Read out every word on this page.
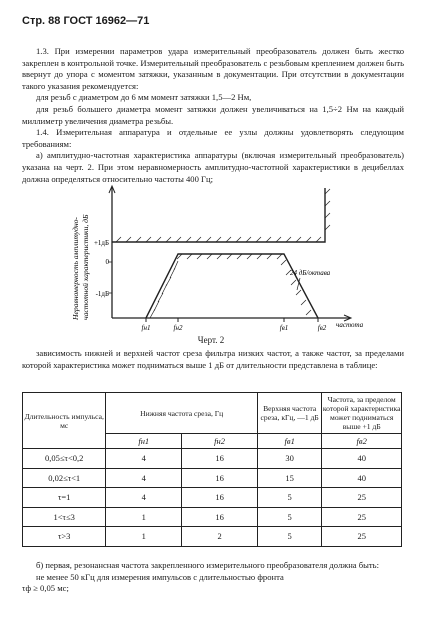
Стр. 88 ГОСТ 16962—71

1.3. При измерении параметров удара измерительный преобразователь должен быть жестко закреплен в контрольной точке. Измерительный преобразователь с резьбовым креплением должен быть ввернут до упора с моментом затяжки, указанным в документации. При отсутствии в документации такого указания рекомендуется:

для резьб с диаметром до 6 мм момент затяжки 1,5—2 Нм,

для резьб большего диаметра момент затяжки должен увеличиваться на 1,5÷2 Нм на каждый миллиметр увеличения диаметра резьбы.

1.4. Измерительная аппаратура и отдельные ее узлы должны удовлетворять следующим требованиям:

а) амплитудно-частотная характеристика аппаратуры (включая измерительный преобразователь) указана на черт. 2. При этом неравномерность амплитудно-частотной характеристики в децибеллах должна определяться относительно частоты 400 Гц;

Неравномерность амплитудно- частотной характеристики, дБ +1дБ
0
-1дБ
24 дБ/октава
fн1	fн2	fв1	fв2 частота
Черт. 2

зависимость нижней и верхней частот среза фильтра низких частот, а также частот, за пределами которой характеристика может подниматься выше 1 дБ от длительности представлена в таблице:

Длительность импульса, мс	Нижняя частота среза, Гц		Верхняя частота среза, кГц, —1 дБ	Частота, за пределом которой характеристика может подниматься выше +1 дБ
	fн1	fн2	fв1	fв2
0,05≤τ<0,2	4	16	30	40
0,02≤τ<1	4	16	15	40
τ=1	4	16	5	25
1<τ≤3	1	16	5	25
τ>3	1	2	5	25

б) первая, резонансная частота закрепленного измерительного преобразователя должна быть:

не менее 50 кГц для измерения импульсов с длительностью фронта

τф ≥ 0,05 мс;
